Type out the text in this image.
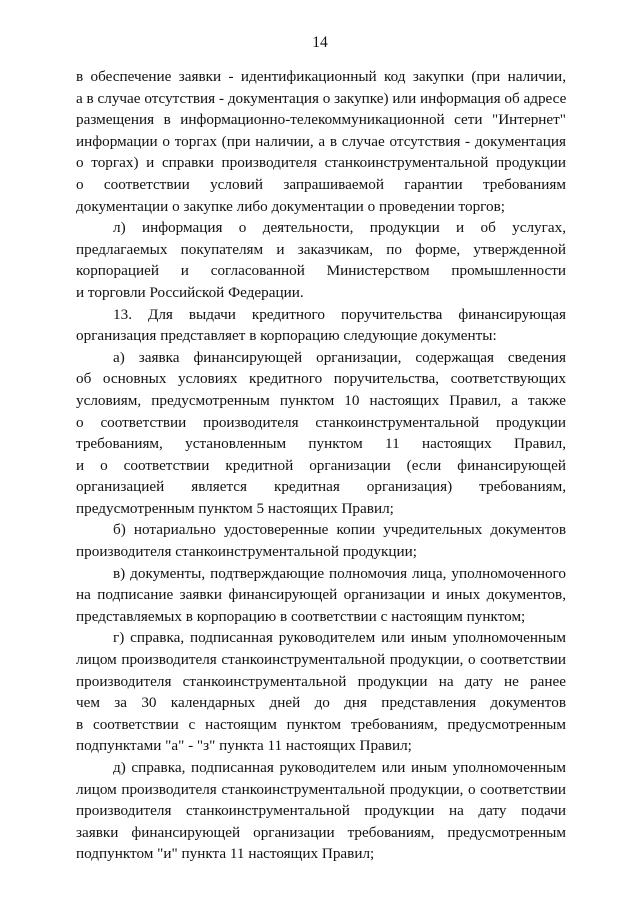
14
в обеспечение заявки - идентификационный код закупки (при наличии,
а в случае отсутствия - документация о закупке) или информация об адресе
размещения в информационно-телекоммуникационной сети "Интернет"
информации о торгах (при наличии, а в случае отсутствия - документация
о торгах) и справки производителя станкоинструментальной продукции
о соответствии условий запрашиваемой гарантии требованиям
документации о закупке либо документации о проведении торгов;
л) информация о деятельности, продукции и об услугах,
предлагаемых покупателям и заказчикам, по форме, утвержденной
корпорацией и согласованной Министерством промышленности
и торговли Российской Федерации.
13. Для выдачи кредитного поручительства финансирующая
организация представляет в корпорацию следующие документы:
а) заявка финансирующей организации, содержащая сведения
об основных условиях кредитного поручительства, соответствующих
условиям, предусмотренным пунктом 10 настоящих Правил, а также
о соответствии производителя станкоинструментальной продукции
требованиям, установленным пунктом 11 настоящих Правил,
и о соответствии кредитной организации (если финансирующей
организацией является кредитная организация) требованиям,
предусмотренным пунктом 5 настоящих Правил;
б) нотариально удостоверенные копии учредительных документов
производителя станкоинструментальной продукции;
в) документы, подтверждающие полномочия лица, уполномоченного
на подписание заявки финансирующей организации и иных документов,
представляемых в корпорацию в соответствии с настоящим пунктом;
г) справка, подписанная руководителем или иным уполномоченным
лицом производителя станкоинструментальной продукции, о соответствии
производителя станкоинструментальной продукции на дату не ранее
чем за 30 календарных дней до дня представления документов
в соответствии с настоящим пунктом требованиям, предусмотренным
подпунктами "а" - "з" пункта 11 настоящих Правил;
д) справка, подписанная руководителем или иным уполномоченным
лицом производителя станкоинструментальной продукции, о соответствии
производителя станкоинструментальной продукции на дату подачи
заявки финансирующей организации требованиям, предусмотренным
подпунктом "и" пункта 11 настоящих Правил;
